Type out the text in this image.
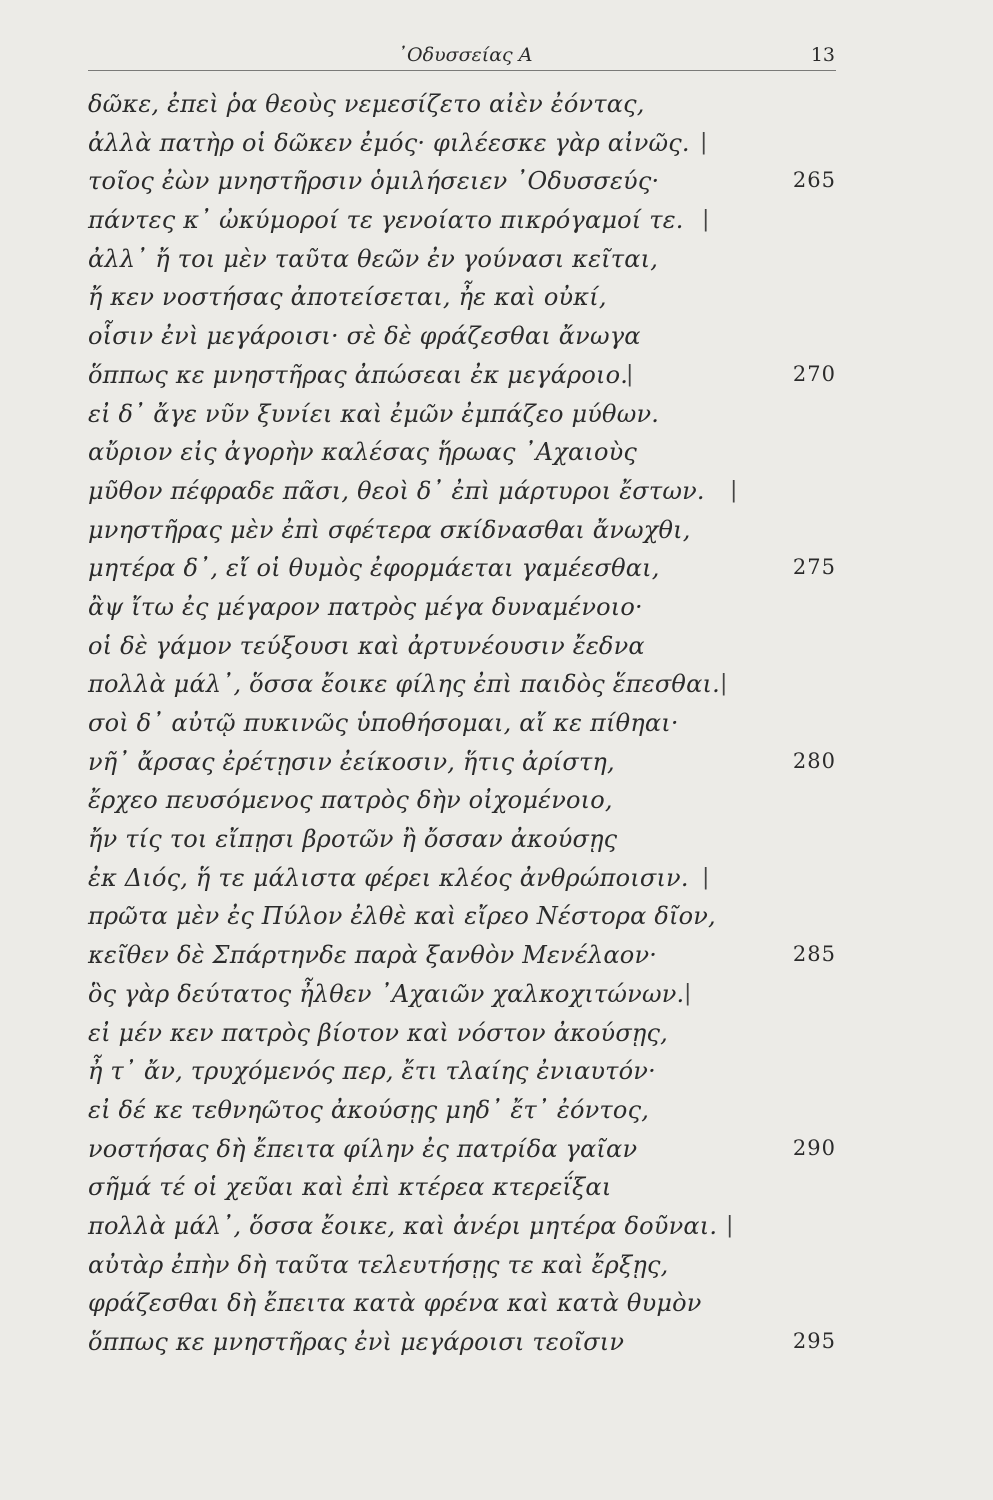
᾿Οδυσσείας Α	13
δῶκε, ἐπεὶ ῥα θεοὺς νεμεσίζετο αἰὲν ἐόντας,
ἀλλὰ πατὴρ οἱ δῶκεν ἐμός· φιλέεσκε γὰρ αἰνῶς. |
τοῖος ἐὼν μνηστῆρσιν ὁμιλήσειεν ᾿Οδυσσεύς·	265
πάντες κ᾿ ὠκύμοροί τε γενοίατο πικρόγαμοί τε. |
ἀλλ᾿ ἤ τοι μὲν ταῦτα θεῶν ἐν γούνασι κεῖται,
ἤ κεν νοστήσας ἀποτείσεται, ἦε καὶ οὐκί,
οἷσιν ἐνὶ μεγάροισι· σὲ δὲ φράζεσθαι ἄνωγα
ὅππως κε μνηστῆρας ἀπώσεαι ἐκ μεγάροιο.
|	270
εἰ δ᾿ ἄγε νῦν ξυνίει καὶ ἐμῶν ἐμπάζεο μύθων.
αὔριον εἰς ἀγορὴν καλέσας ἥρωας ᾿Αχαιοὺς
μῦθον πέφραδε πᾶσι, θεοὶ δ᾿ ἐπὶ μάρτυροι ἔστων. |
μνηστῆρας μὲν ἐπὶ σφέτερα σκίδνασθαι ἄνωχθι,
μητέρα δ᾿, εἴ οἱ θυμὸς ἐφορμάεται γαμέεσθαι,	275
ἂψ ἴτω ἐς μέγαρον πατρὸς μέγα δυναμένοιο·
οἱ δὲ γάμον τεύξουσι καὶ ἀρτυνέουσιν ἔεδνα
πολλὰ μάλ᾿, ὅσσα ἔοικε φίλης ἐπὶ παιδὸς ἕπεσθαι. |
σοὶ δ᾿ αὐτῷ πυκινῶς ὑποθήσομαι, αἴ κε πίθηαι·
νῆ᾿ ἄρσας ἐρέτῃσιν ἐείκοσιν, ἥτις ἀρίστη,	280
ἔρχεο πευσόμενος πατρὸς δὴν οἰχομένοιο,
ἤν τίς τοι εἴπῃσι βροτῶν ἢ ὄσσαν ἀκούσῃς
ἐκ Διός, ἥ τε μάλιστα φέρει κλέος ἀνθρώποισιν. |
πρῶτα μὲν ἐς Πύλον ἐλθὲ καὶ εἴρεο Νέστορα δῖον,
κεῖθεν δὲ Σπάρτηνδε παρὰ ξανθὸν Μενέλαον·	285
ὃς γὰρ δεύτατος ἦλθεν ᾿Αχαιῶν χαλκοχιτώνων. |
εἰ μέν κεν πατρὸς βίοτον καὶ νόστον ἀκούσῃς,
ἦ τ᾿ ἄν, τρυχόμενός περ, ἔτι τλαίης ἐνιαυτόν·
εἰ δέ κε τεθνηῶτος ἀκούσῃς μηδ᾿ ἔτ᾿ ἐόντος,
νοστήσας δὴ ἔπειτα φίλην ἐς πατρίδα γαῖαν	290
σῆμά τέ οἱ χεῦαι καὶ ἐπὶ κτέρεα κτερεΐξαι
πολλὰ μάλ᾿, ὅσσα ἔοικε, καὶ ἀνέρι μητέρα δοῦναι. |
αὐτὰρ ἐπὴν δὴ ταῦτα τελευτήσῃς τε καὶ ἔρξῃς,
φράζεσθαι δὴ ἔπειτα κατὰ φρένα καὶ κατὰ θυμὸν
ὅππως κε μνηστῆρας ἐνὶ μεγάροισι τεοῖσιν	295
